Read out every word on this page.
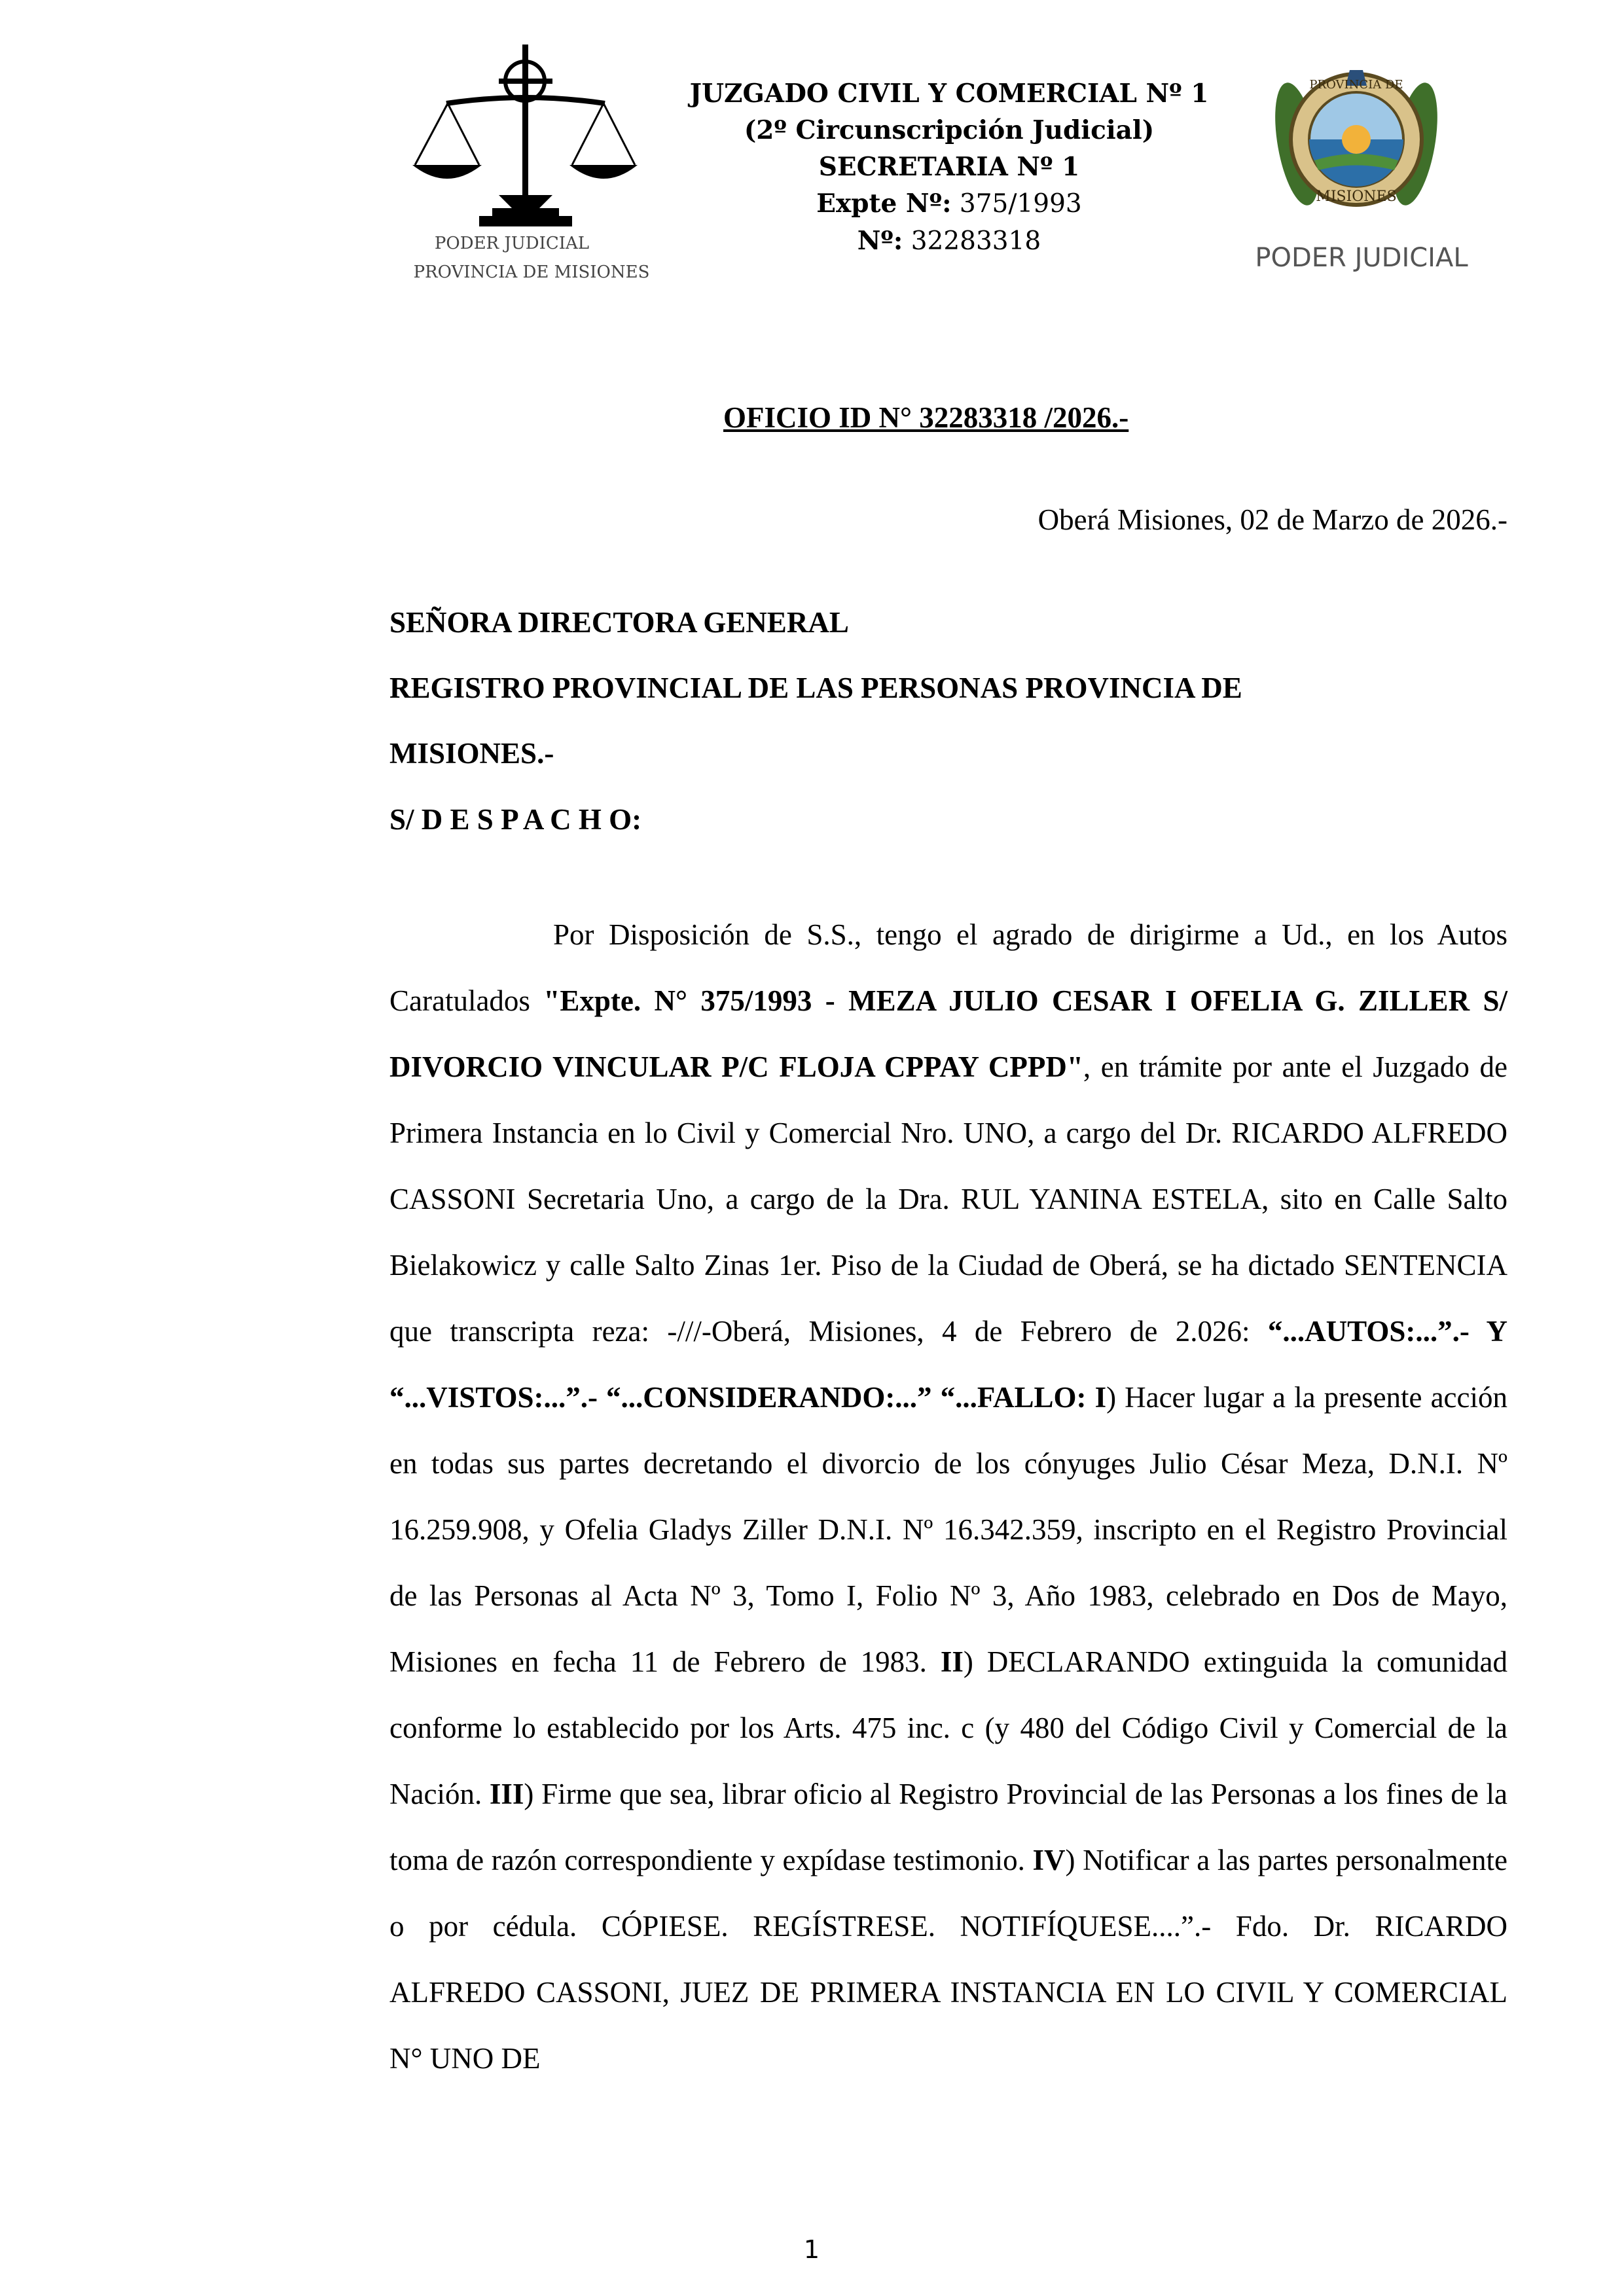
PODER JUDICIAL
PROVINCIA DE MISIONES
JUZGADO CIVIL Y COMERCIAL Nº 1
(2º Circunscripción Judicial)
SECRETARIA Nº 1
Expte Nº: 375/1993
Nº: 32283318
PROVINCIA DE
MISIONES
PODER JUDICIAL
OFICIO ID N° 32283318 /2026.-
Oberá Misiones, 02 de Marzo de 2026.-
SEÑORA DIRECTORA GENERAL
REGISTRO PROVINCIAL DE LAS PERSONAS PROVINCIA DE
MISIONES.-
S/ D E S P A C H O:

Por Disposición de S.S., tengo el agrado de dirigirme a Ud., en los Autos Caratulados "Expte. N° 375/1993 - MEZA JULIO CESAR I OFELIA G. ZILLER S/ DIVORCIO VINCULAR P/C FLOJA CPPAY CPPD", en trámite por ante el Juzgado de Primera Instancia en lo Civil y Comercial Nro. UNO, a cargo del Dr. RICARDO ALFREDO CASSONI Secretaria Uno, a cargo de la Dra. RUL YANINA ESTELA, sito en Calle Salto Bielakowicz y calle Salto Zinas 1er. Piso de la Ciudad de Oberá, se ha dictado SENTENCIA que transcripta reza: -///-Oberá, Misiones, 4 de Febrero de 2.026: “...AUTOS:...”.- Y “...VISTOS:...”.- “...CONSIDERANDO:...” “...FALLO: I) Hacer lugar a la presente acción en todas sus partes decretando el divorcio de los cónyuges Julio César Meza, D.N.I. Nº 16.259.908, y Ofelia Gladys Ziller D.N.I. Nº 16.342.359, inscripto en el Registro Provincial de las Personas al Acta Nº 3, Tomo I, Folio Nº 3, Año 1983, celebrado en Dos de Mayo, Misiones en fecha 11 de Febrero de 1983. II) DECLARANDO extinguida la comunidad conforme lo establecido por los Arts. 475 inc. c (y 480 del Código Civil y Comercial de la Nación. III) Firme que sea, librar oficio al Registro Provincial de las Personas a los fines de la toma de razón correspondiente y expídase testimonio. IV) Notificar a las partes personalmente o por cédula. CÓPIESE. REGÍSTRESE. NOTIFÍQUESE....”.- Fdo. Dr. RICARDO ALFREDO CASSONI, JUEZ DE PRIMERA INSTANCIA EN LO CIVIL Y COMERCIAL N° UNO DE

1
